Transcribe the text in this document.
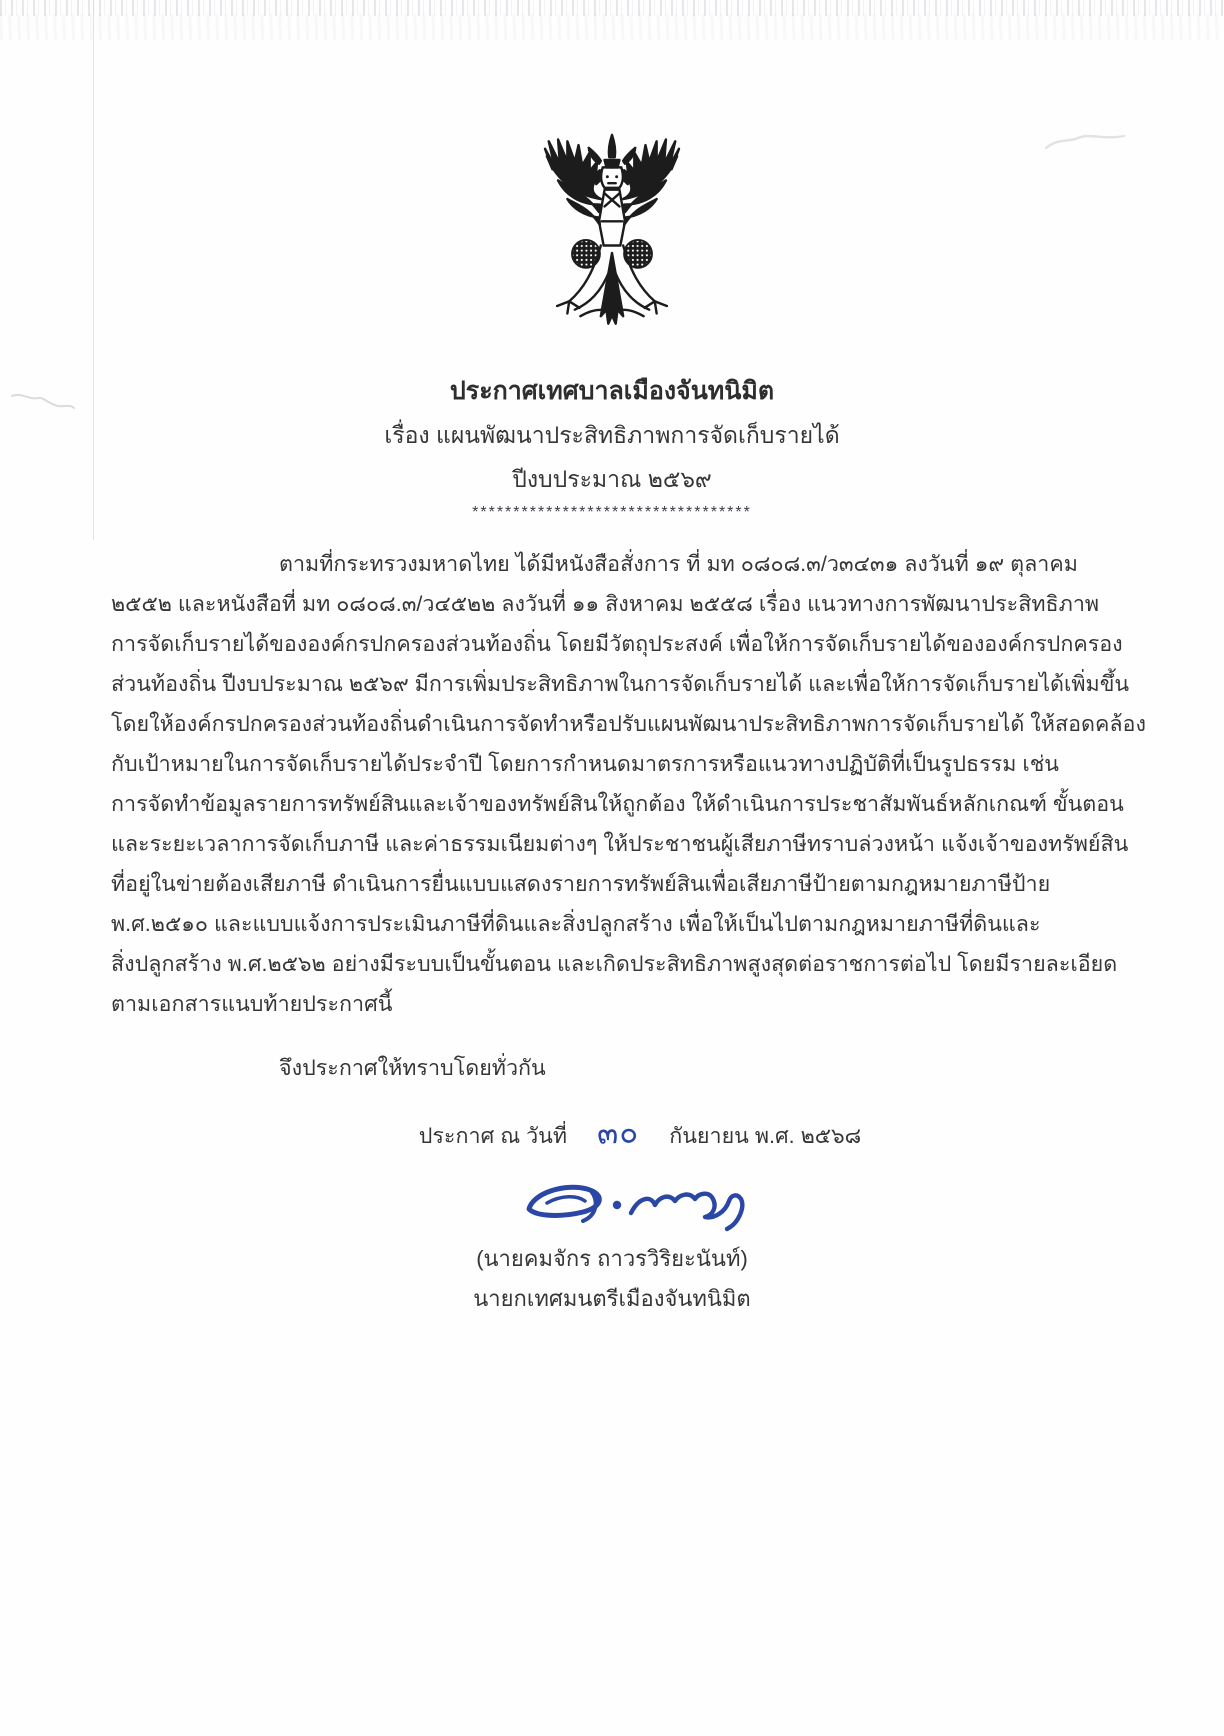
ประกาศเทศบาลเมืองจันทนิมิต
เรื่อง แผนพัฒนาประสิทธิภาพการจัดเก็บรายได้
ปีงบประมาณ ๒๕๖๙
**********************************
ตามที่กระทรวงมหาดไทย ได้มีหนังสือสั่งการ ที่ มท ๐๘๐๘.๓/ว๓๔๓๑ ลงวันที่ ๑๙ ตุลาคม
๒๕๕๒ และหนังสือที่ มท ๐๘๐๘.๓/ว๔๕๒๒ ลงวันที่ ๑๑ สิงหาคม ๒๕๕๘ เรื่อง แนวทางการพัฒนาประสิทธิภาพ
การจัดเก็บรายได้ขององค์กรปกครองส่วนท้องถิ่น โดยมีวัตถุประสงค์ เพื่อให้การจัดเก็บรายได้ขององค์กรปกครอง
ส่วนท้องถิ่น ปีงบประมาณ ๒๕๖๙ มีการเพิ่มประสิทธิภาพในการจัดเก็บรายได้ และเพื่อให้การจัดเก็บรายได้เพิ่มขึ้น
โดยให้องค์กรปกครองส่วนท้องถิ่นดำเนินการจัดทำหรือปรับแผนพัฒนาประสิทธิภาพการจัดเก็บรายได้ ให้สอดคล้อง
กับเป้าหมายในการจัดเก็บรายได้ประจำปี โดยการกำหนดมาตรการหรือแนวทางปฏิบัติที่เป็นรูปธรรม เช่น
การจัดทำข้อมูลรายการทรัพย์สินและเจ้าของทรัพย์สินให้ถูกต้อง ให้ดำเนินการประชาสัมพันธ์หลักเกณฑ์ ขั้นตอน
และระยะเวลาการจัดเก็บภาษี และค่าธรรมเนียมต่างๆ ให้ประชาชนผู้เสียภาษีทราบล่วงหน้า แจ้งเจ้าของทรัพย์สิน
ที่อยู่ในข่ายต้องเสียภาษี ดำเนินการยื่นแบบแสดงรายการทรัพย์สินเพื่อเสียภาษีป้ายตามกฎหมายภาษีป้าย
พ.ศ.๒๕๑๐ และแบบแจ้งการประเมินภาษีที่ดินและสิ่งปลูกสร้าง เพื่อให้เป็นไปตามกฎหมายภาษีที่ดินและ
สิ่งปลูกสร้าง พ.ศ.๒๕๖๒ อย่างมีระบบเป็นขั้นตอน และเกิดประสิทธิภาพสูงสุดต่อราชการต่อไป โดยมีรายละเอียด
ตามเอกสารแนบท้ายประกาศนี้
จึงประกาศให้ทราบโดยทั่วกัน
ประกาศ ณ วันที่ ๓๐ กันยายน พ.ศ. ๒๕๖๘
(นายคมจักร ถาวรวิริยะนันท์)
นายกเทศมนตรีเมืองจันทนิมิต
